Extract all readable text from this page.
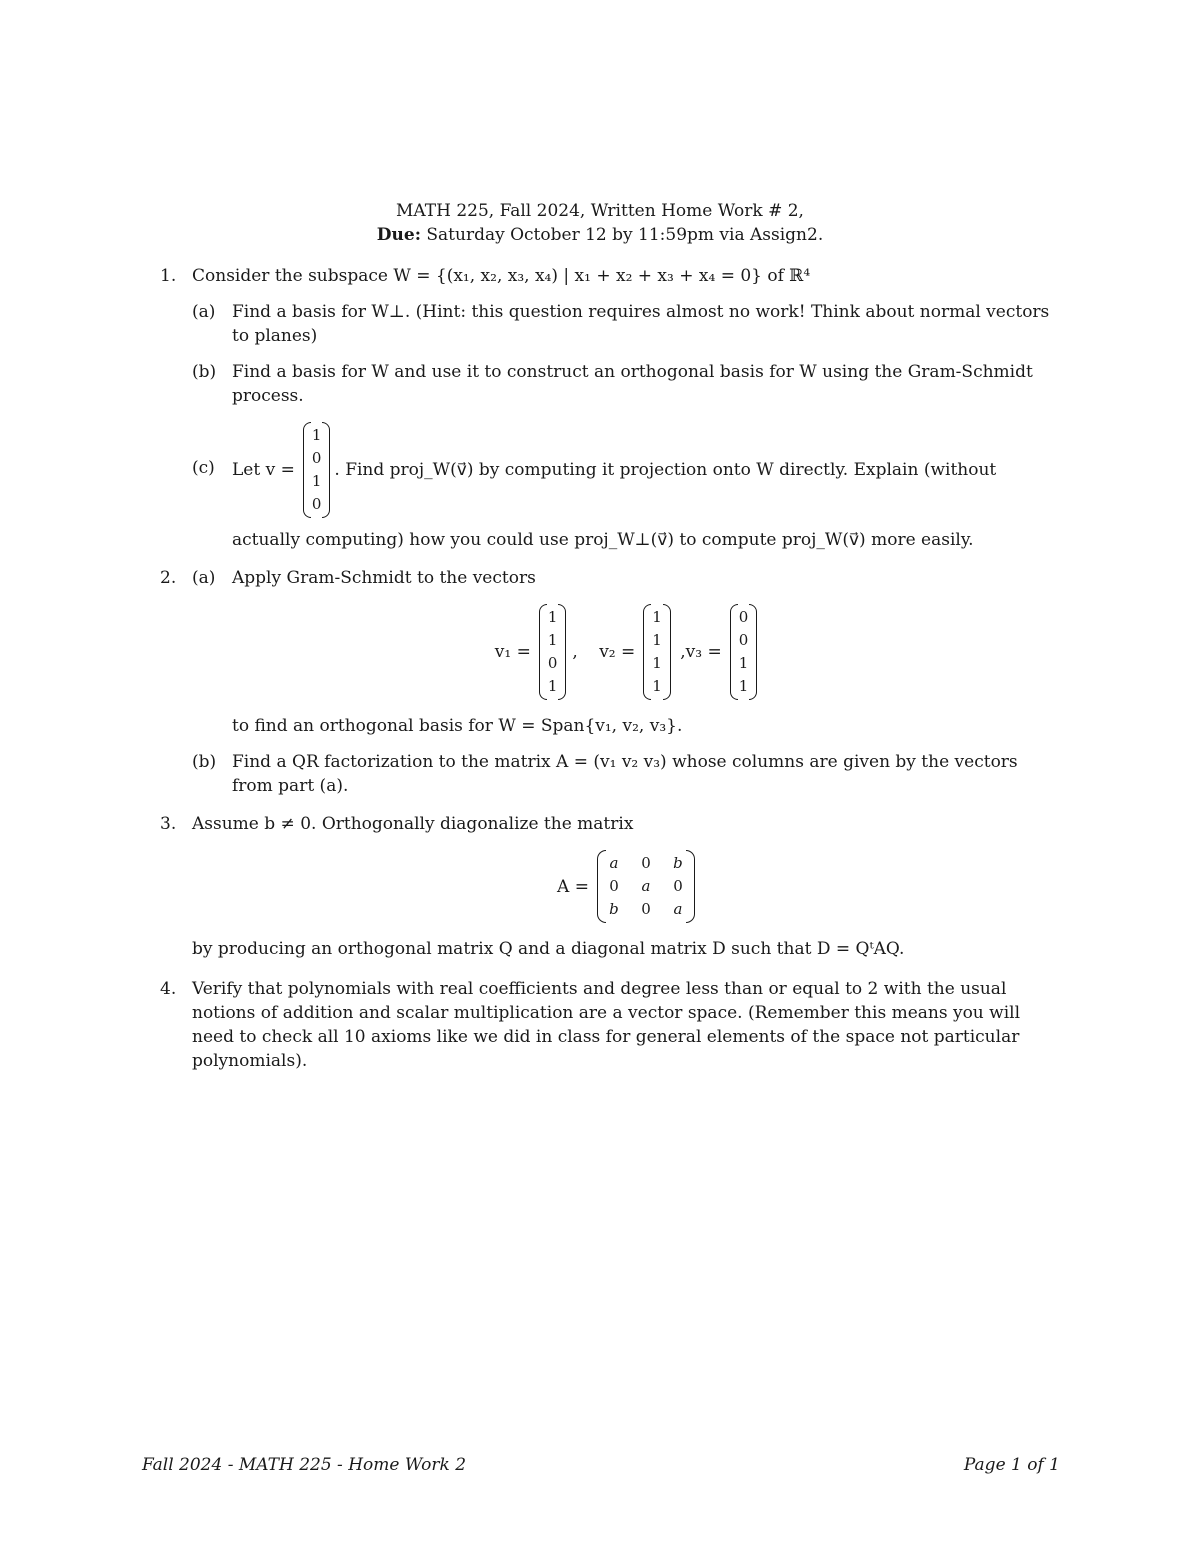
MATH 225, Fall 2024, Written Home Work # 2,
Due: Saturday October 12 by 11:59pm via Assign2.
1. Consider the subspace W = {(x₁, x₂, x₃, x₄) | x₁ + x₂ + x₃ + x₄ = 0} of ℝ⁴
(a) Find a basis for W⊥. (Hint: this question requires almost no work! Think about normal vectors to planes)
(b) Find a basis for W and use it to construct an orthogonal basis for W using the Gram-Schmidt process.
(c) Let v =
1
0
1
0
. Find proj_W(v⃗) by computing it projection onto W directly. Explain (without
actually computing) how you could use proj_W⊥(v⃗) to compute proj_W(v⃗) more easily.
2. (a) Apply Gram-Schmidt to the vectors
v₁ =
1
1
0
1
,
v₂ =
1
1
1
1

,v₃ =
0
0
1
1
to find an orthogonal basis for W = Span{v₁, v₂, v₃}.
(b) Find a QR factorization to the matrix A = (v₁ v₂ v₃) whose columns are given by the vectors from part (a).
3. Assume b ≠ 0. Orthogonally diagonalize the matrix
A =
a 0 b
0 a 0
b 0 a
by producing an orthogonal matrix Q and a diagonal matrix D such that D = QᵗAQ.
4. Verify that polynomials with real coefficients and degree less than or equal to 2 with the usual notions of addition and scalar multiplication are a vector space. (Remember this means you will need to check all 10 axioms like we did in class for general elements of the space not particular polynomials).
Fall 2024 - MATH 225 - Home Work 2	Page 1 of 1
